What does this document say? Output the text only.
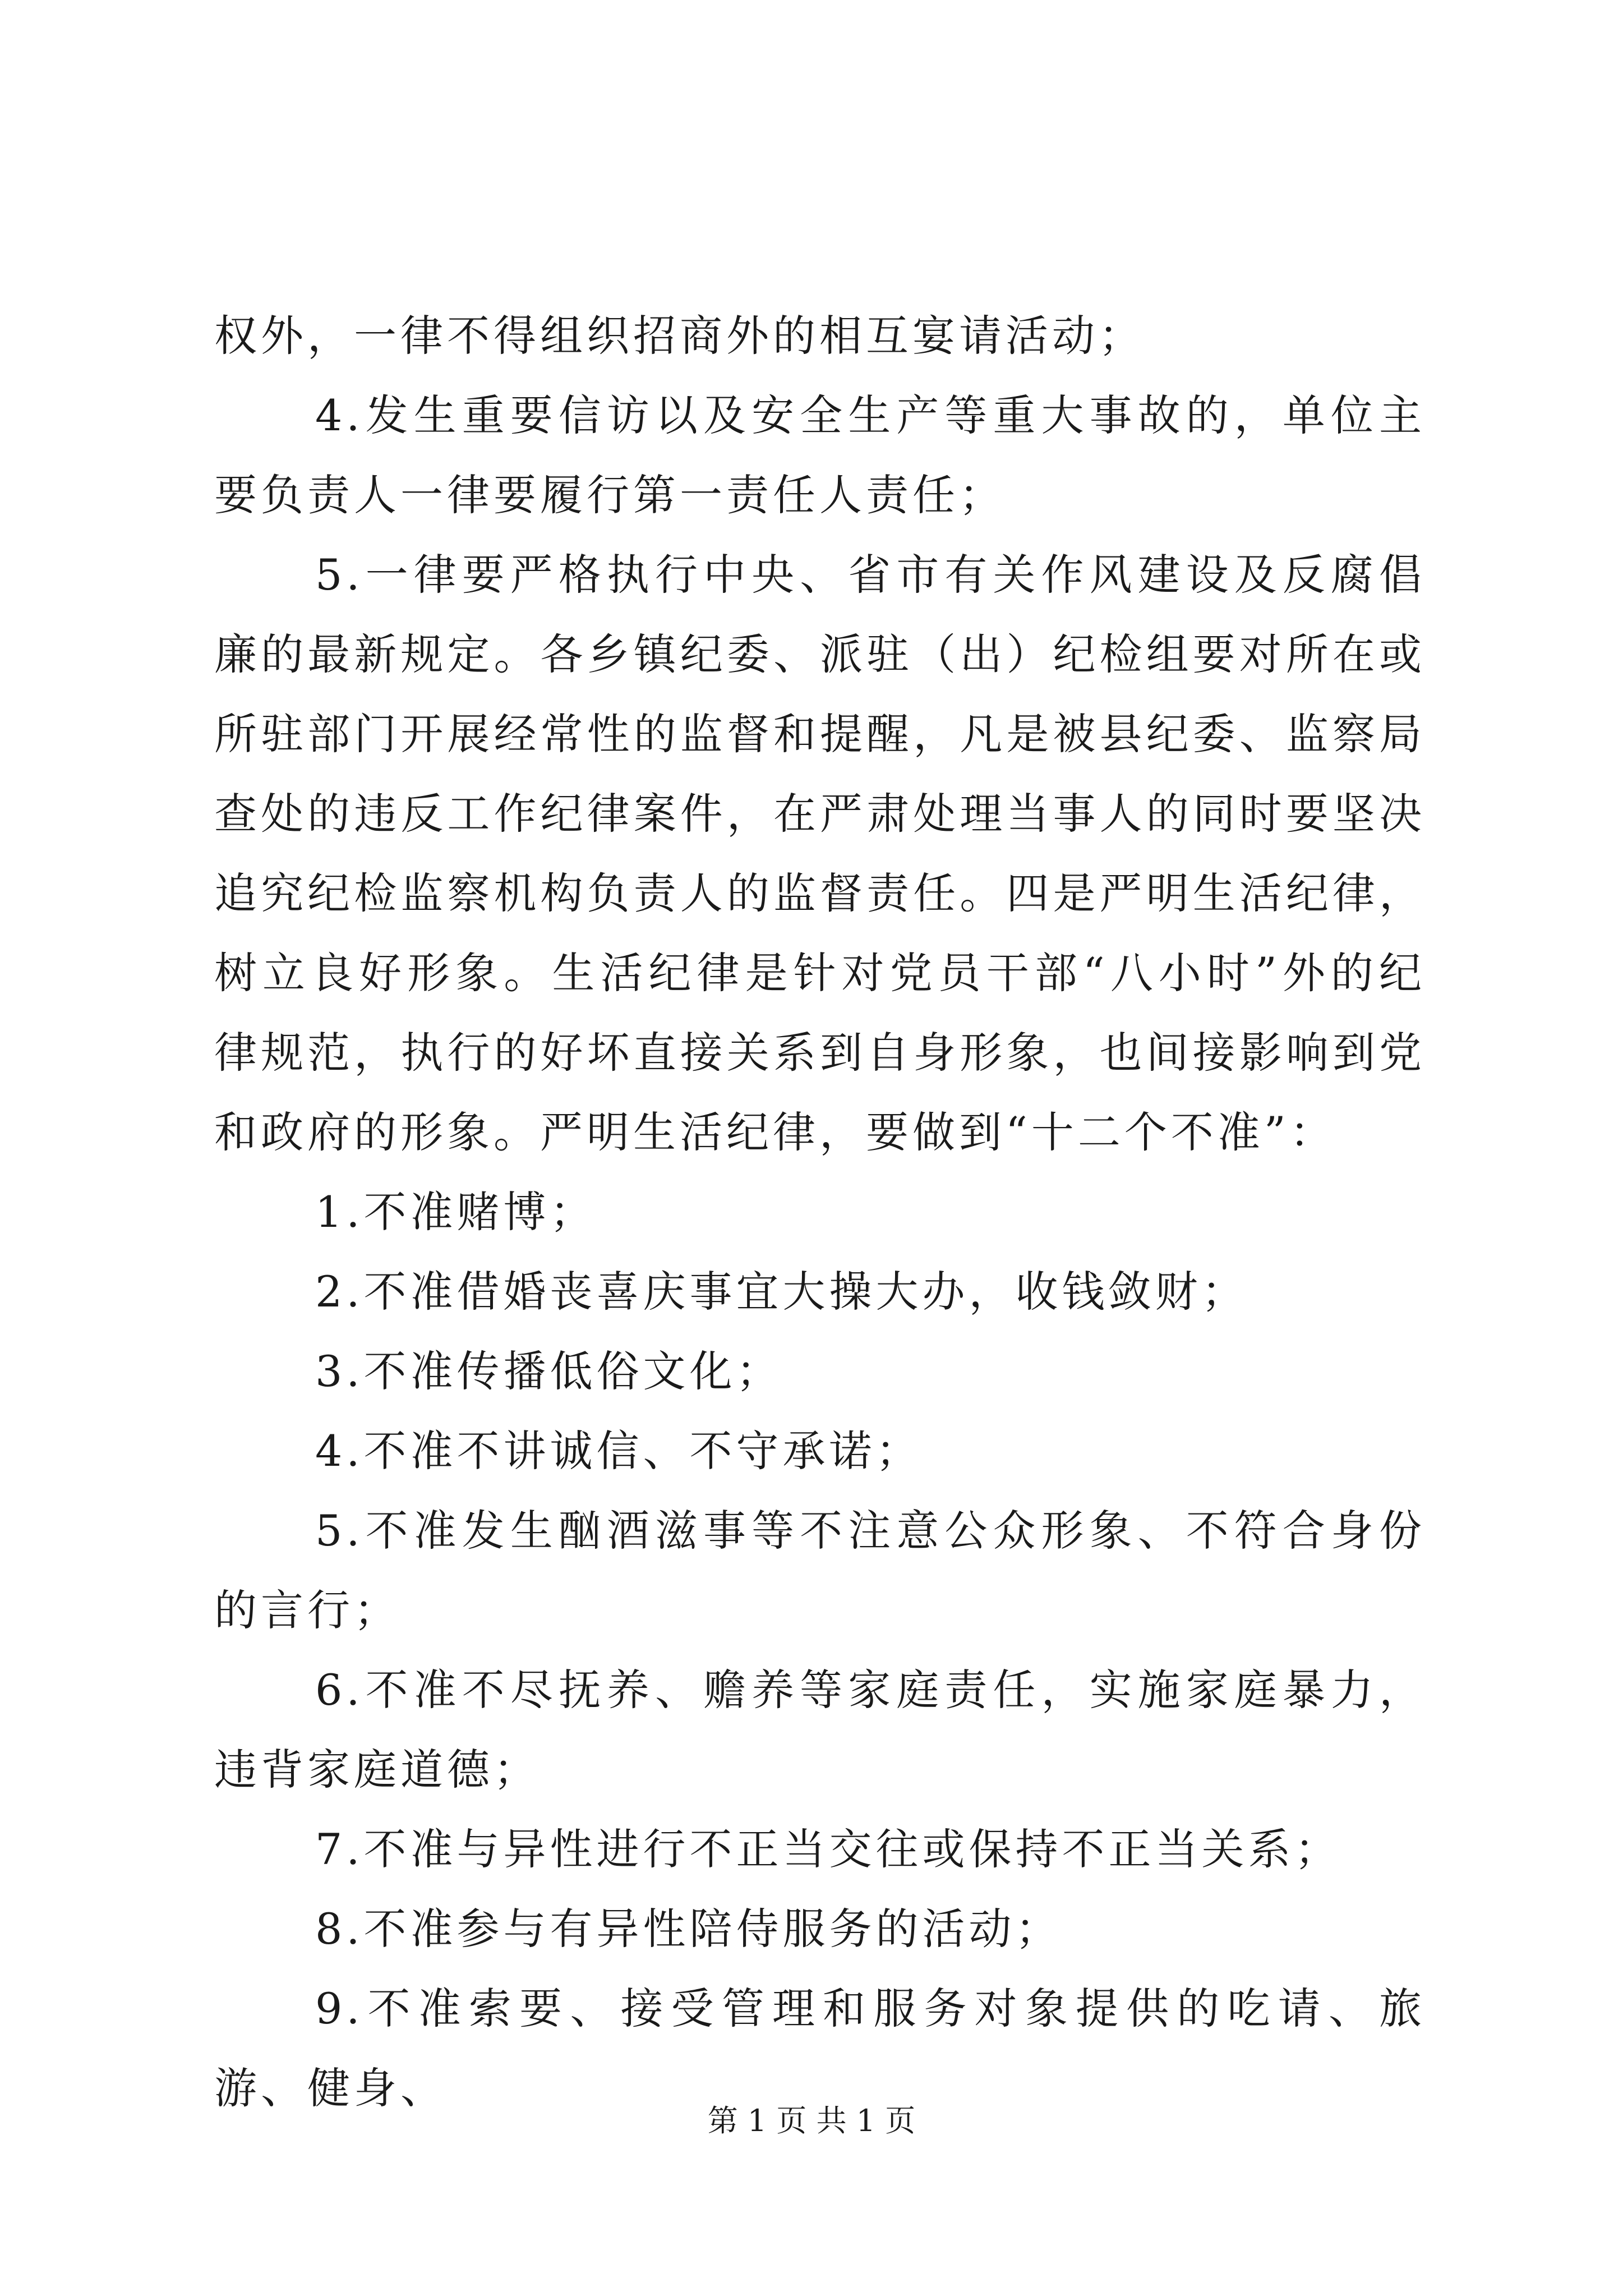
权外，一律不得组织招商外的相互宴请活动；

4.发生重要信访以及安全生产等重大事故的，单位主要负责人一律要履行第一责任人责任；

5.一律要严格执行中央、省市有关作风建设及反腐倡廉的最新规定。各乡镇纪委、派驻（出）纪检组要对所在或所驻部门开展经常性的监督和提醒，凡是被县纪委、监察局查处的违反工作纪律案件，在严肃处理当事人的同时要坚决追究纪检监察机构负责人的监督责任。四是严明生活纪律，树立良好形象。生活纪律是针对党员干部“八小时”外的纪律规范，执行的好坏直接关系到自身形象，也间接影响到党和政府的形象。严明生活纪律，要做到“十二个不准”：

1.不准赌博；

2.不准借婚丧喜庆事宜大操大办，收钱敛财；

3.不准传播低俗文化；

4.不准不讲诚信、不守承诺；

5.不准发生酗酒滋事等不注意公众形象、不符合身份的言行；

6.不准不尽抚养、赡养等家庭责任，实施家庭暴力，违背家庭道德；

7.不准与异性进行不正当交往或保持不正当关系；

8.不准参与有异性陪侍服务的活动；

9.不准索要、接受管理和服务对象提供的吃请、旅游、健身、

第 1 页 共 1 页
